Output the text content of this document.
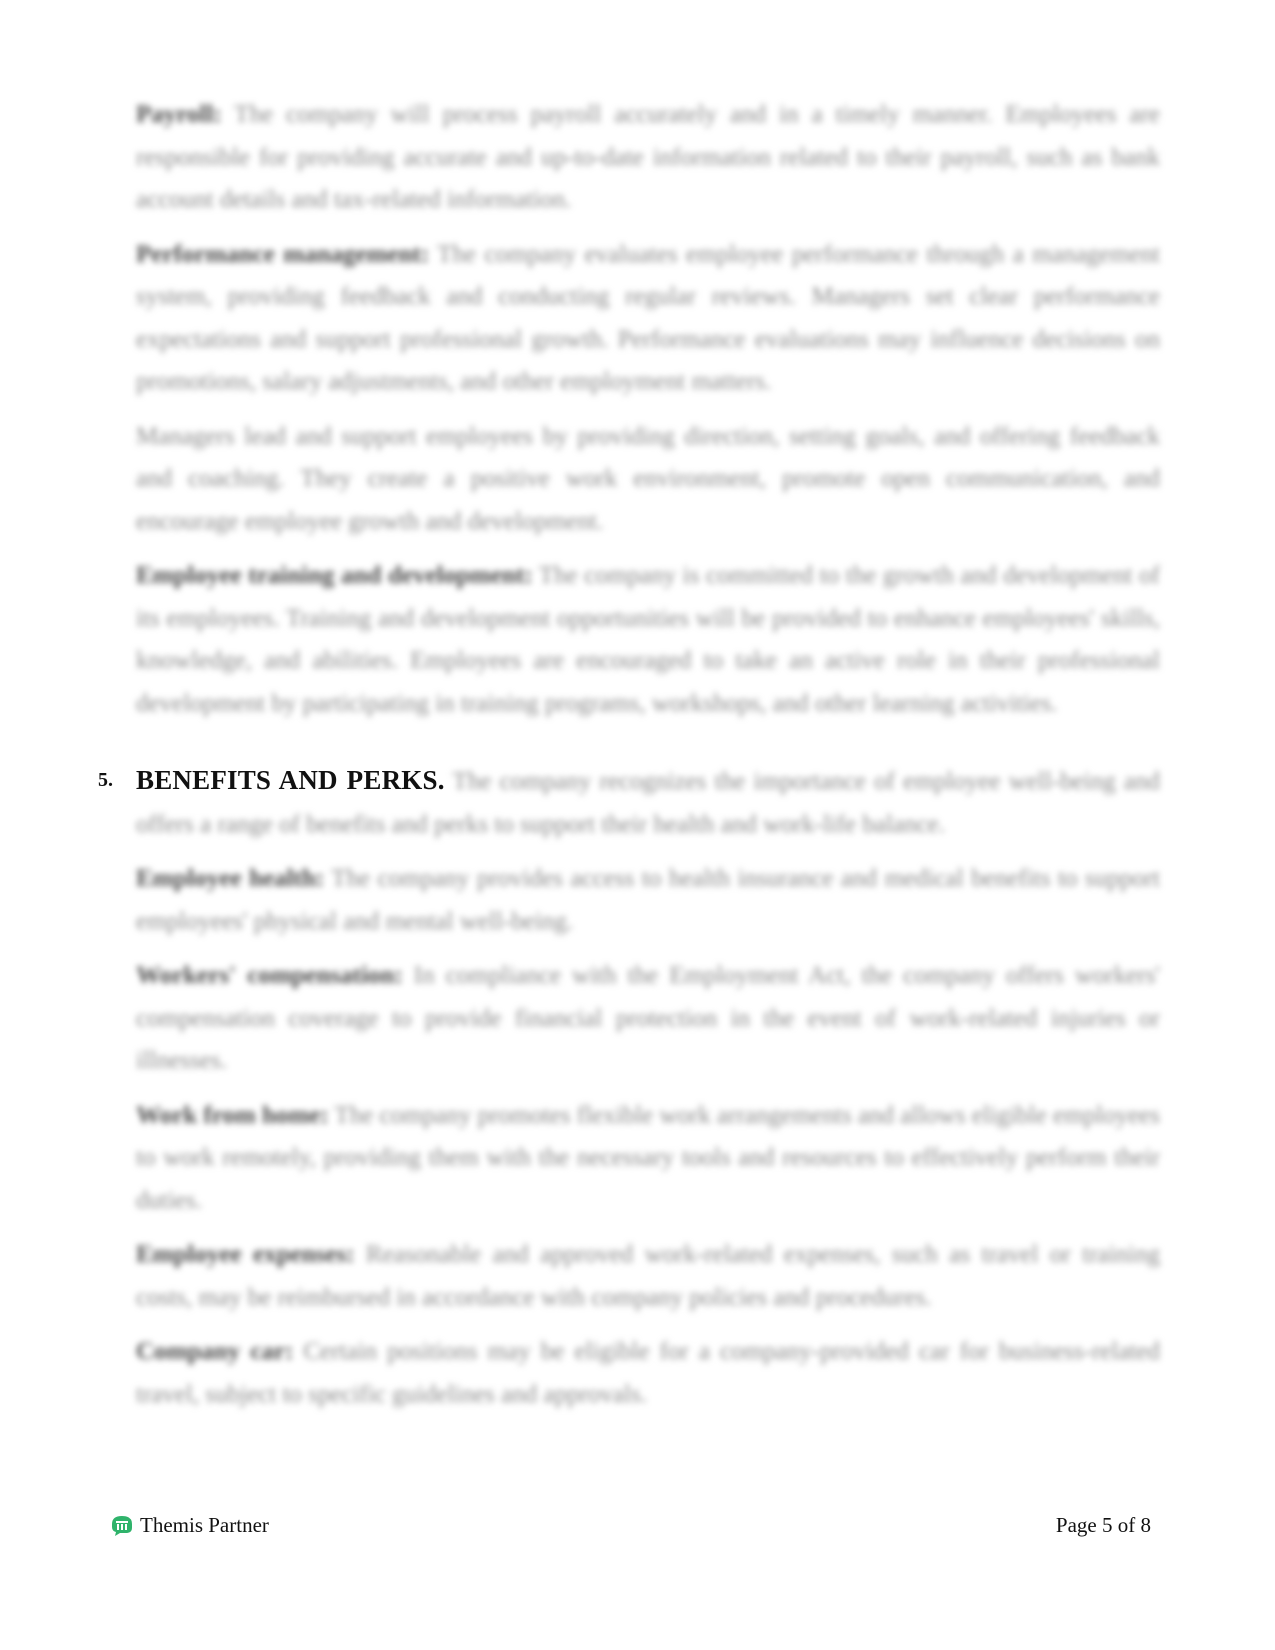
Payroll: The company will process payroll accurately and in a timely manner. Employees are responsible for providing accurate and up-to-date information related to their payroll, such as bank account details and tax-related information.

Performance management: The company evaluates employee performance through a management system, providing feedback and conducting regular reviews. Managers set clear performance expectations and support professional growth. Performance evaluations may influence decisions on promotions, salary adjustments, and other employment matters.

Managers lead and support employees by providing direction, setting goals, and offering feedback and coaching. They create a positive work environment, promote open communication, and encourage employee growth and development.

Employee training and development: The company is committed to the growth and development of its employees. Training and development opportunities will be provided to enhance employees' skills, knowledge, and abilities. Employees are encouraged to take an active role in their professional development by participating in training programs, workshops, and other learning activities.

5. BENEFITS AND PERKS. The company recognizes the importance of employee well-being and offers a range of benefits and perks to support their health and work-life balance.

Employee health: The company provides access to health insurance and medical benefits to support employees' physical and mental well-being.

Workers' compensation: In compliance with the Employment Act, the company offers workers' compensation coverage to provide financial protection in the event of work-related injuries or illnesses.

Work from home: The company promotes flexible work arrangements and allows eligible employees to work remotely, providing them with the necessary tools and resources to effectively perform their duties.

Employee expenses: Reasonable and approved work-related expenses, such as travel or training costs, may be reimbursed in accordance with company policies and procedures.

Company car: Certain positions may be eligible for a company-provided car for business-related travel, subject to specific guidelines and approvals.

Themis Partner	Page 5 of 8
